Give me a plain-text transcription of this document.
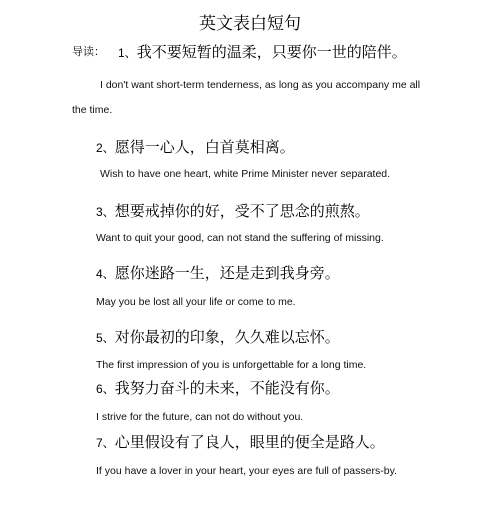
英文表白短句
导读： 1、我不要短暂的温柔，只要你一世的陪伴。
I don't want short-term tenderness, as long as you accompany me all
the time.
2、愿得一心人，白首莫相离。
Wish to have one heart, white Prime Minister never separated.
3、想要戒掉你的好，受不了思念的煎熬。
Want to quit your good, can not stand the suffering of missing.
4、愿你迷路一生，还是走到我身旁。
May you be lost all your life or come to me.
5、对你最初的印象，久久难以忘怀。
The first impression of you is unforgettable for a long time.
6、我努力奋斗的未来，不能没有你。
I strive for the future, can not do without you.
7、心里假设有了良人，眼里的便全是路人。
If you have a lover in your heart, your eyes are full of passers-by.
